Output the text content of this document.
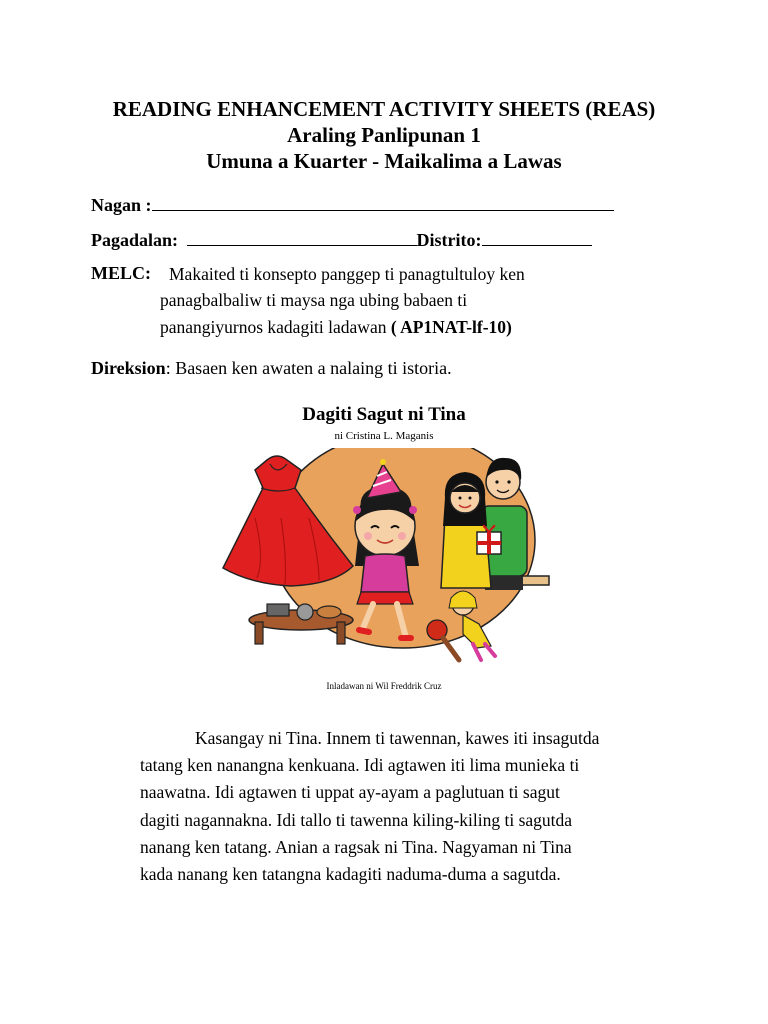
READING ENHANCEMENT ACTIVITY SHEETS (REAS)
Araling Panlipunan 1
Umuna a Kuarter - Maikalima a Lawas
Nagan :
Pagadalan:	Distrito:
MELC: Makaited ti konsepto panggep ti panagtultuloy ken
panagbalbaliw ti maysa nga ubing babaen ti
panangiyurnos kadagiti ladawan ( AP1NAT-lf-10)
Direksion: Basaen ken awaten a nalaing ti istoria.
Dagiti Sagut ni Tina
ni Cristina L. Maganis
Inladawan ni Wil Freddrik Cruz
Kasangay ni Tina. Innem ti tawennan, kawes iti insagutda
tatang ken nanangna kenkuana. Idi agtawen iti lima munieka ti
naawatna. Idi agtawen ti uppat ay-ayam a paglutuan ti sagut
dagiti nagannakna. Idi tallo ti tawenna kiling-kiling ti sagutda
nanang ken tatang. Anian a ragsak ni Tina. Nagyaman ni Tina
kada nanang ken tatangna kadagiti naduma-duma a sagutda.
